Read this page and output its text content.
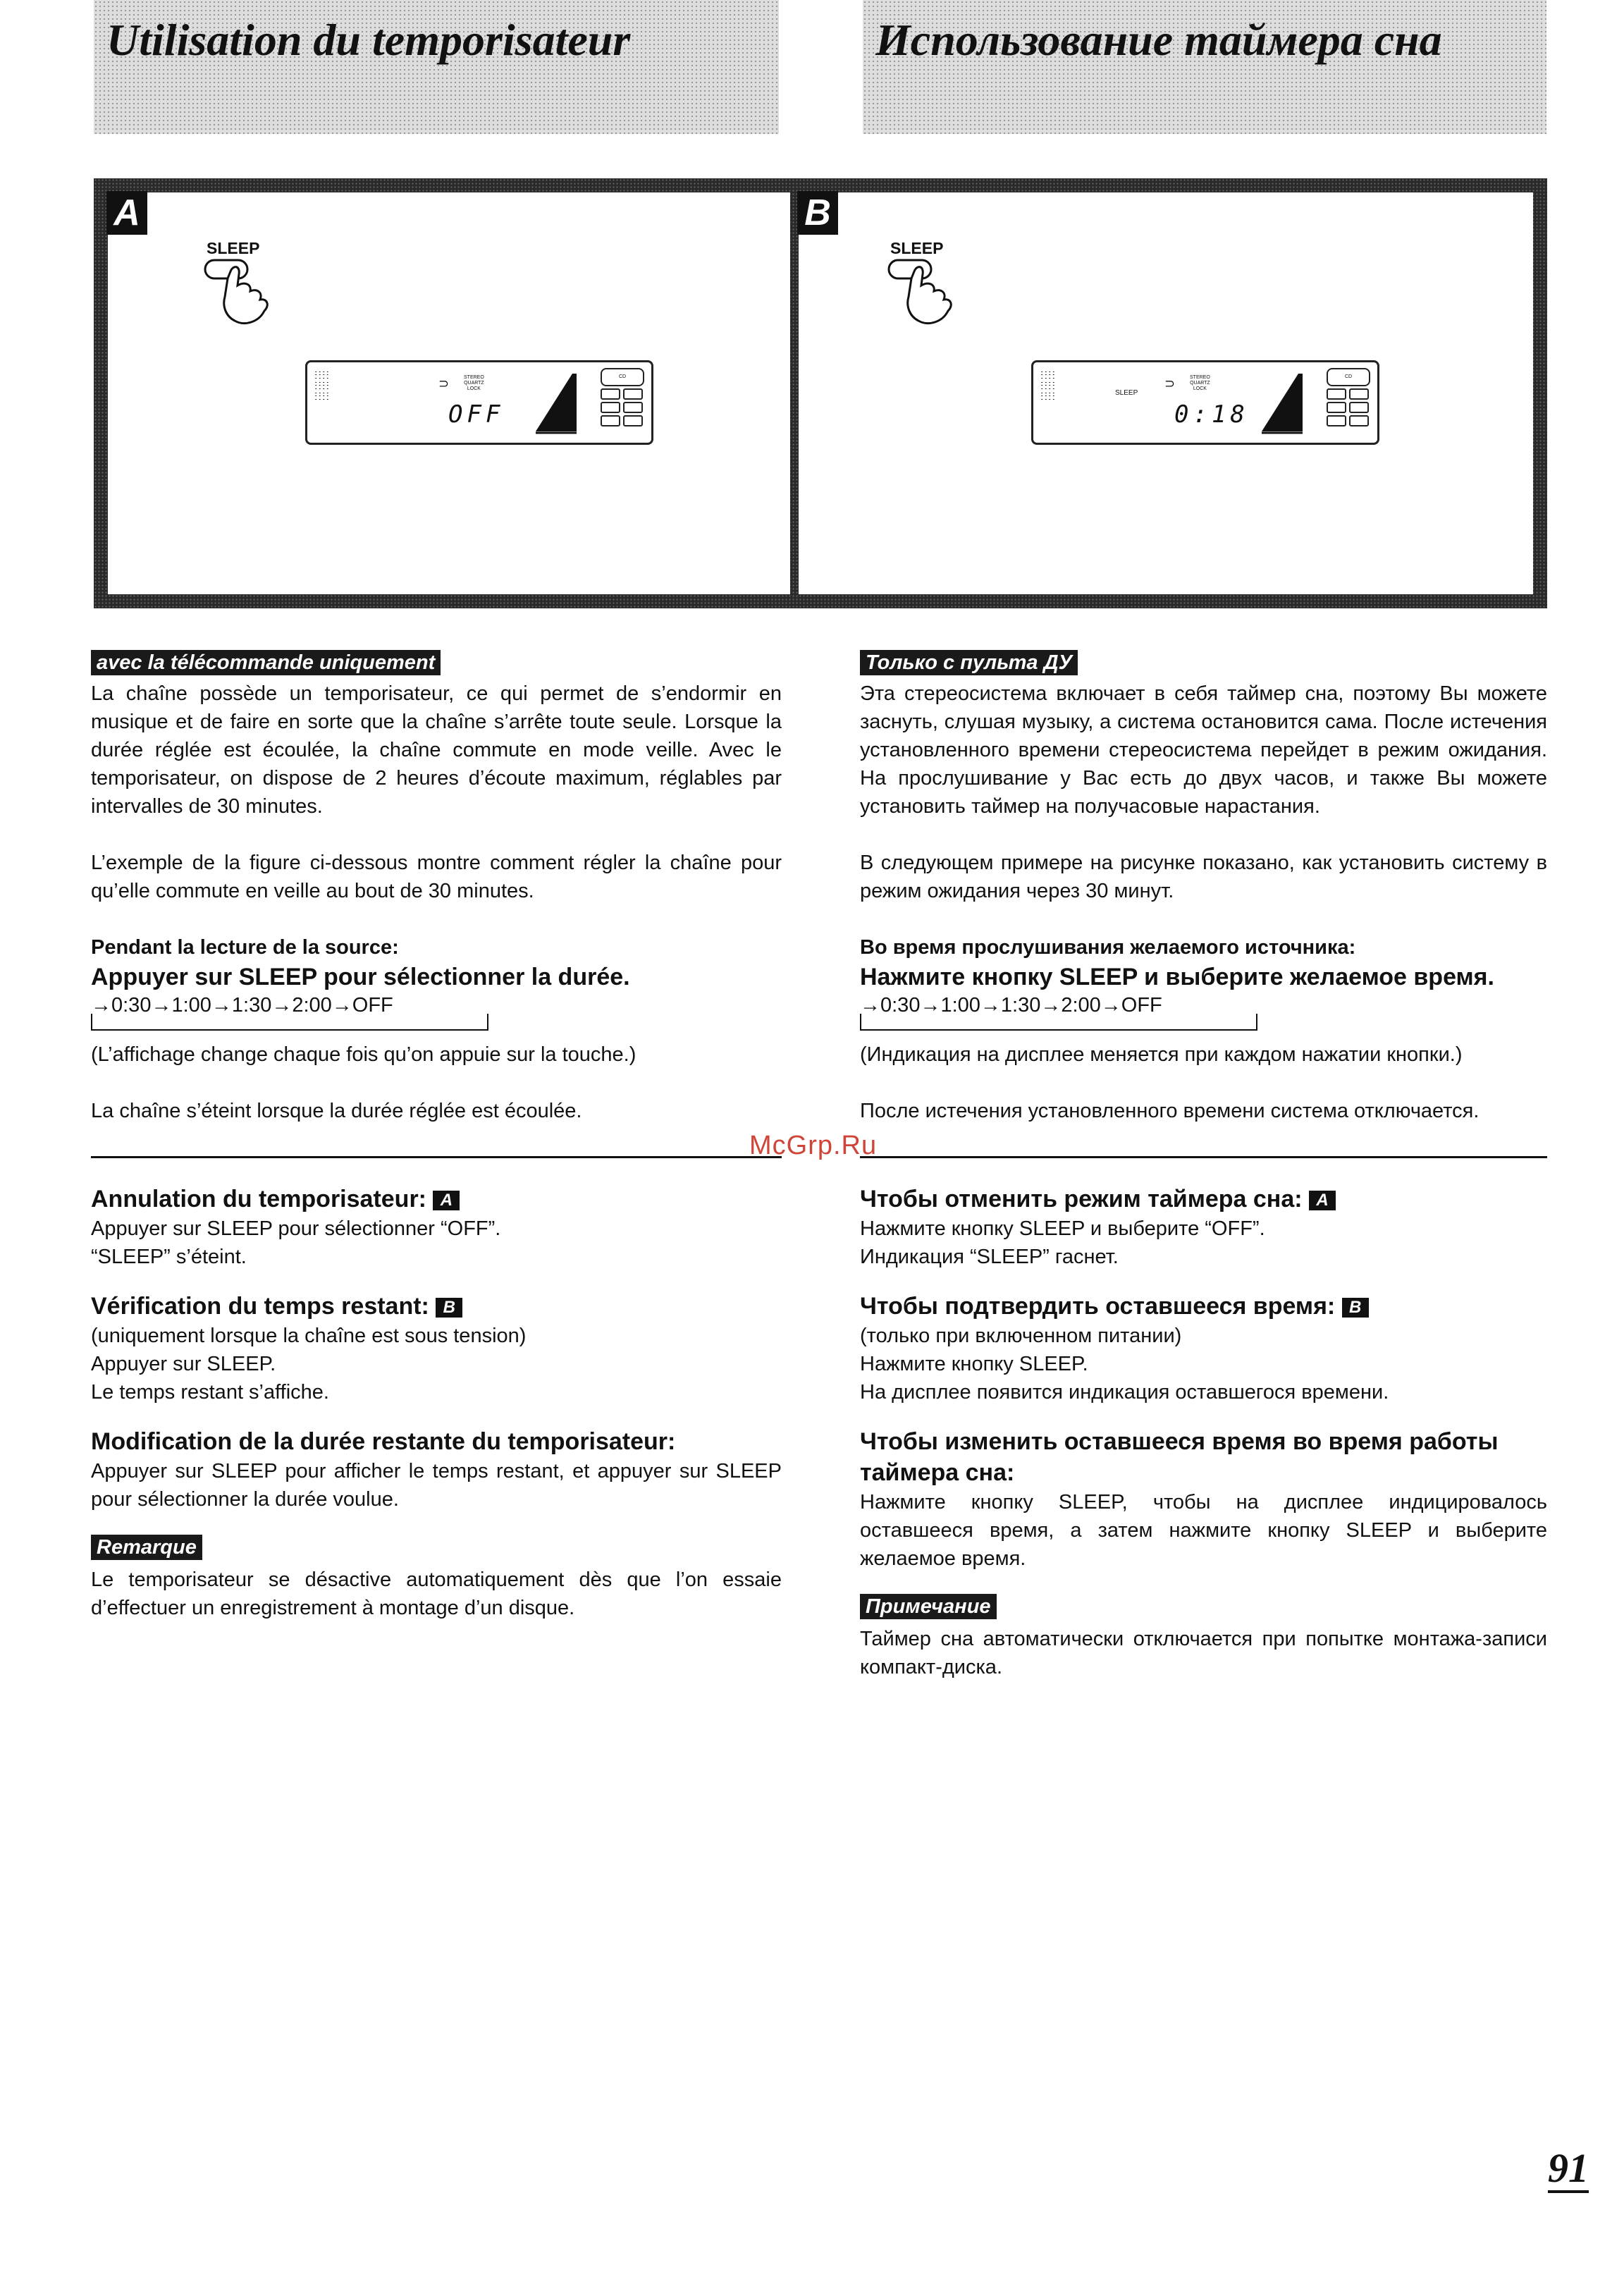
Utilisation du temporisateur	Использование таймера сна
A
SLEEP
ⵗⵗⵗⵗ
ⵗⵗⵗⵗ
ⵗⵗⵗⵗ
⊃	STEREO
QUARTZ
LOCK
OFF
CD
B
SLEEP
ⵗⵗⵗⵗ
ⵗⵗⵗⵗ
ⵗⵗⵗⵗ	SLEEP
⊃	STEREO
QUARTZ
LOCK
0:18
CD
avec la télécommande uniquement

La chaîne possède un temporisateur, ce qui permet de s’endormir en musique et de faire en sorte que la chaîne s’arrête toute seule. Lorsque la durée réglée est écoulée, la chaîne commute en mode veille. Avec le temporisateur, on dispose de 2 heures d’écoute maximum, réglables par intervalles de 30 minutes.

L’exemple de la figure ci-dessous montre comment régler la chaîne pour qu’elle commute en veille au bout de 30 minutes.

Pendant la lecture de la source:
Appuyer sur SLEEP pour sélectionner la durée.
→0:30→1:00→1:30→2:00→OFF

(L’affichage change chaque fois qu’on appuie sur la touche.)

La chaîne s’éteint lorsque la durée réglée est écoulée.

Annulation du temporisateur: A

Appuyer sur SLEEP pour sélectionner “OFF”.

“SLEEP” s’éteint.

Vérification du temps restant: B

(uniquement lorsque la chaîne est sous tension)

Appuyer sur SLEEP.

Le temps restant s’affiche.

Modification de la durée restante du temporisateur:

Appuyer sur SLEEP pour afficher le temps restant, et appuyer sur SLEEP pour sélectionner la durée voulue.

Remarque

Le temporisateur se désactive automatiquement dès que l’on essaie d’effectuer un enregistrement à montage d’un disque.

Только с пульта ДУ

Эта стереосистема включает в себя таймер сна, поэтому Вы можете заснуть, слушая музыку, а система остановится сама. После истечения установленного времени стереосистема перейдет в режим ожидания. На прослушивание у Вас есть до двух часов, и также Вы можете установить таймер на получасовые нарастания.

В следующем примере на рисунке показано, как установить систему в режим ожидания через 30 минут.

Во время прослушивания желаемого источника:
Нажмите кнопку SLEEP и выберите желаемое время.
→0:30→1:00→1:30→2:00→OFF

(Индикация на дисплее меняется при каждом нажатии кнопки.)

После истечения установленного времени система отключается.

Чтобы отменить режим таймера сна: A

Нажмите кнопку SLEEP и выберите “OFF”.

Индикация “SLEEP” гаснет.

Чтобы подтвердить оставшееся время: B

(только при включенном питании)

Нажмите кнопку SLEEP.

На дисплее появится индикация оставшегося времени.

Чтобы изменить оставшееся время во время работы таймера сна:

Нажмите кнопку SLEEP, чтобы на дисплее индицировалось оставшееся время, а затем нажмите кнопку SLEEP и выберите желаемое время.

Примечание

Таймер сна автоматически отключается при попытке монтажа-записи компакт-диска.

McGrp.Ru
91
